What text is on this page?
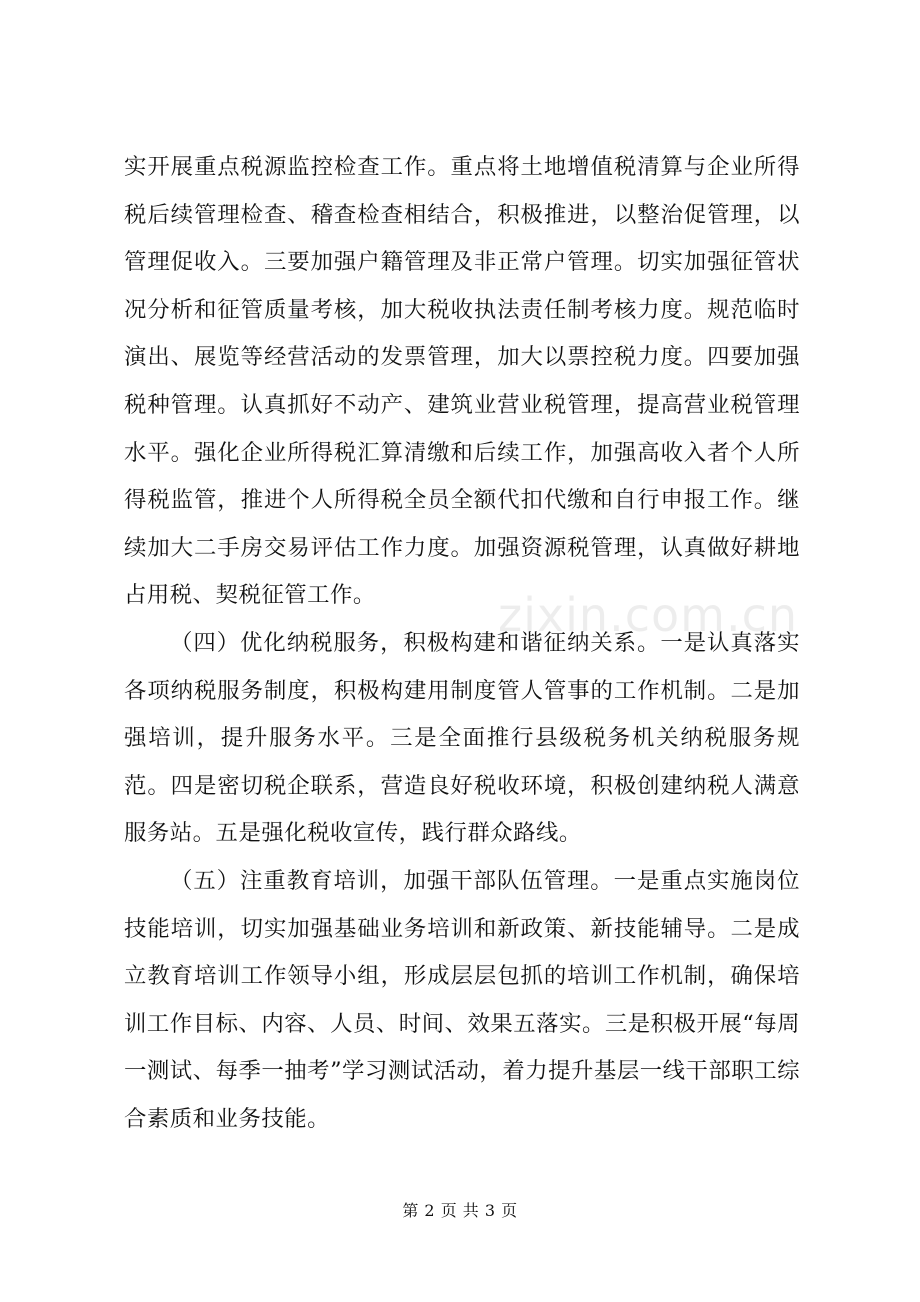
实开展重点税源监控检查工作。重点将土地增值税清算与企业所得税后续管理检查、稽查检查相结合，积极推进，以整治促管理，以管理促收入。三要加强户籍管理及非正常户管理。切实加强征管状况分析和征管质量考核，加大税收执法责任制考核力度。规范临时演出、展览等经营活动的发票管理，加大以票控税力度。四要加强税种管理。认真抓好不动产、建筑业营业税管理，提高营业税管理水平。强化企业所得税汇算清缴和后续工作，加强高收入者个人所得税监管，推进个人所得税全员全额代扣代缴和自行申报工作。继续加大二手房交易评估工作力度。加强资源税管理，认真做好耕地占用税、契税征管工作。

（四）优化纳税服务，积极构建和谐征纳关系。一是认真落实各项纳税服务制度，积极构建用制度管人管事的工作机制。二是加强培训，提升服务水平。三是全面推行县级税务机关纳税服务规范。四是密切税企联系，营造良好税收环境，积极创建纳税人满意服务站。五是强化税收宣传，践行群众路线。

（五）注重教育培训，加强干部队伍管理。一是重点实施岗位技能培训，切实加强基础业务培训和新政策、新技能辅导。二是成立教育培训工作领导小组，形成层层包抓的培训工作机制，确保培训工作目标、内容、人员、时间、效果五落实。三是积极开展“每周一测试、每季一抽考”学习测试活动，着力提升基层一线干部职工综合素质和业务技能。

zixin.com.cn
第 2 页 共 3 页
